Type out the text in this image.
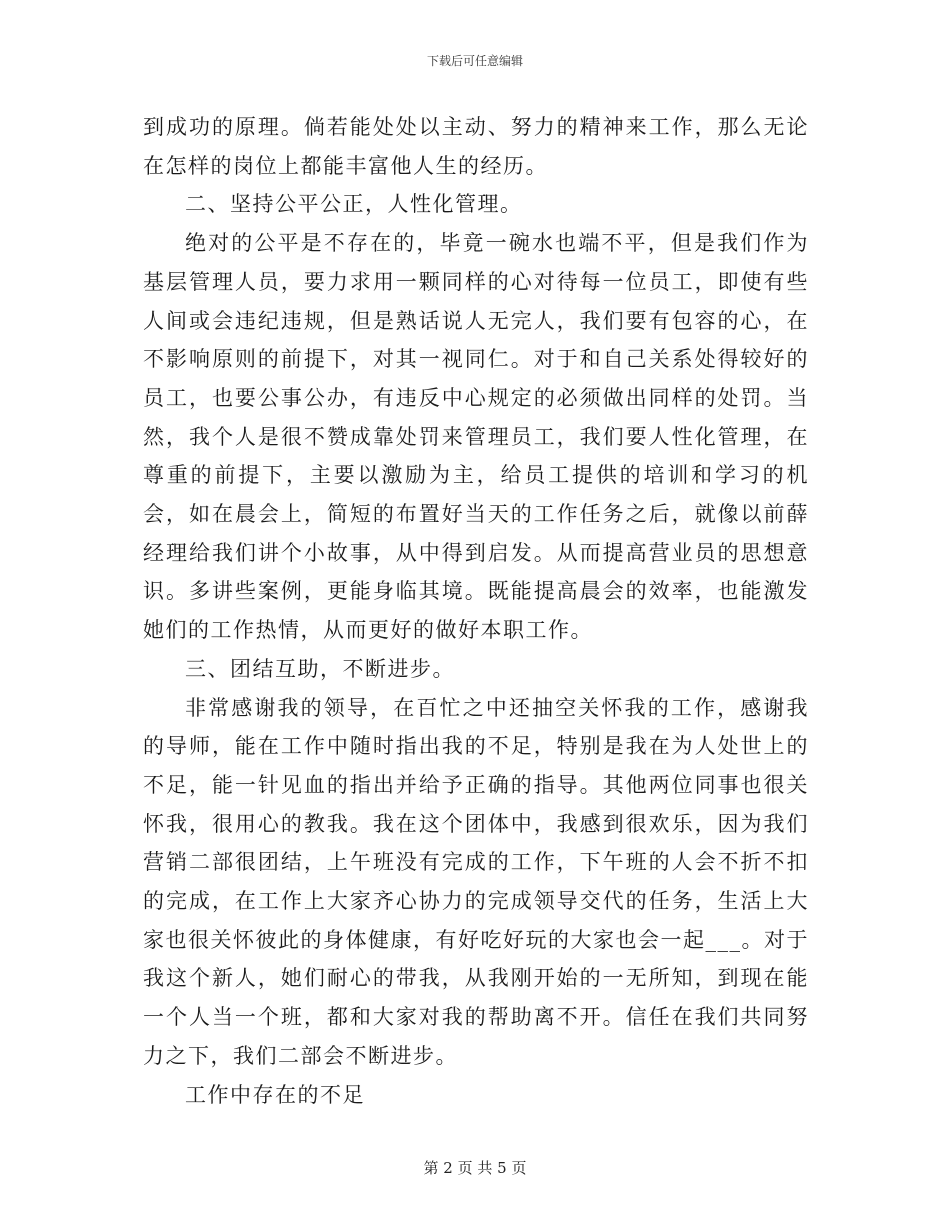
下载后可任意编辑

到成功的原理。倘若能处处以主动、努力的精神来工作，那么无论在怎样的岗位上都能丰富他人生的经历。

二、坚持公平公正，人性化管理。

绝对的公平是不存在的，毕竟一碗水也端不平，但是我们作为基层管理人员，要力求用一颗同样的心对待每一位员工，即使有些人间或会违纪违规，但是熟话说人无完人，我们要有包容的心，在不影响原则的前提下，对其一视同仁。对于和自己关系处得较好的员工，也要公事公办，有违反中心规定的必须做出同样的处罚。当然，我个人是很不赞成靠处罚来管理员工，我们要人性化管理，在尊重的前提下，主要以激励为主，给员工提供的培训和学习的机会，如在晨会上，简短的布置好当天的工作任务之后，就像以前薛经理给我们讲个小故事，从中得到启发。从而提高营业员的思想意识。多讲些案例，更能身临其境。既能提高晨会的效率，也能激发她们的工作热情，从而更好的做好本职工作。

三、团结互助，不断进步。

非常感谢我的领导，在百忙之中还抽空关怀我的工作，感谢我的导师，能在工作中随时指出我的不足，特别是我在为人处世上的不足，能一针见血的指出并给予正确的指导。其他两位同事也很关怀我，很用心的教我。我在这个团体中，我感到很欢乐，因为我们营销二部很团结，上午班没有完成的工作，下午班的人会不折不扣的完成，在工作上大家齐心协力的完成领导交代的任务，生活上大家也很关怀彼此的身体健康，有好吃好玩的大家也会一起___。对于我这个新人，她们耐心的带我，从我刚开始的一无所知，到现在能一个人当一个班，都和大家对我的帮助离不开。信任在我们共同努力之下，我们二部会不断进步。

工作中存在的不足

第 2 页 共 5 页
